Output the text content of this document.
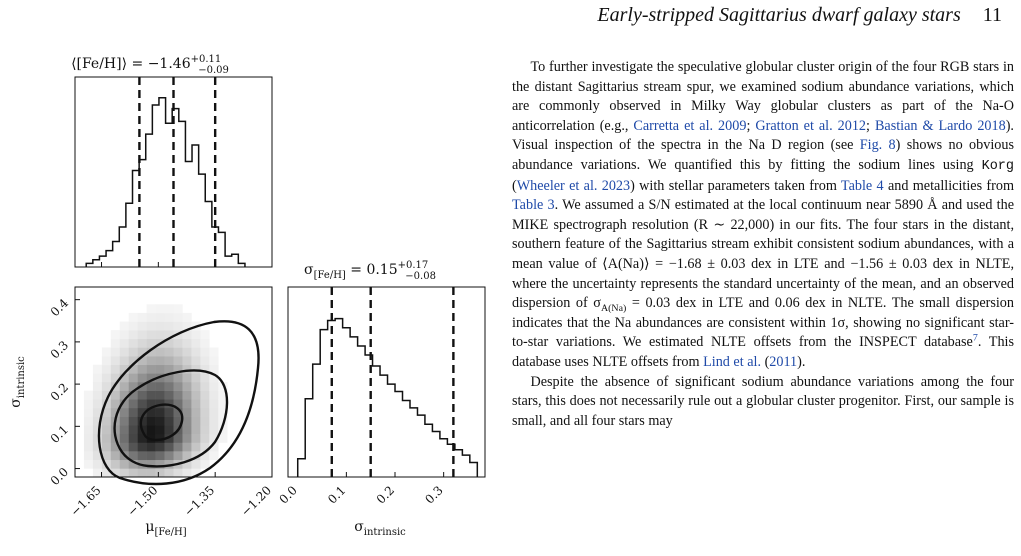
⟨[Fe/H]⟩ = $-1.46^{+0.11} -0.09$
$\sigma_{[Fe/H]} = 0.15^{+0.17} -0.08$
−1.65 −1.50 −1.35 −1.20
0.0
0.1
0.2
0.3
0.4
0.0 0.1 0.2 0.3
$\sigma_{intrinsic}$
$\mu_{[Fe/H]}$	$\sigma_{intrinsic}$
Early-stripped Sagittarius dwarf galaxy stars 11

To further investigate the speculative globular cluster origin of the four RGB stars in the distant Sagittarius stream spur, we examined sodium abundance variations, which are commonly observed in Milky Way globular clusters as part of the Na-O anticorrelation (e.g., Carretta et al. 2009; Gratton et al. 2012; Bastian & Lardo 2018). Visual inspection of the spectra in the Na D region (see Fig. 8) shows no obvious abundance variations. We quantified this by fitting the sodium lines using Korg (Wheeler et al. 2023) with stellar parameters taken from Table 4 and metallicities from Table 3. We assumed a S/N estimated at the local continuum near 5890 Å and used the MIKE spectrograph resolution (R ∼ 22,000) in our fits. The four stars in the distant, southern feature of the Sagittarius stream exhibit consistent sodium abundances, with a mean value of ⟨A(Na)⟩ = −1.68 ± 0.03 dex in LTE and −1.56 ± 0.03 dex in NLTE, where the uncertainty represents the standard uncertainty of the mean, and an observed dispersion of $\sigma_{A(Na)} = 0.03$ dex in LTE and 0.06 dex in NLTE. The small dispersion indicates that the Na abundances are consistent within 1σ, showing no significant star-to-star variations. We estimated NLTE offsets from the INSPECT database$^7$. This database uses NLTE offsets from Lind et al. (2011).

Despite the absence of significant sodium abundance variations among the four stars, this does not necessarily rule out a globular cluster progenitor. First, our sample is small, and all four stars may
